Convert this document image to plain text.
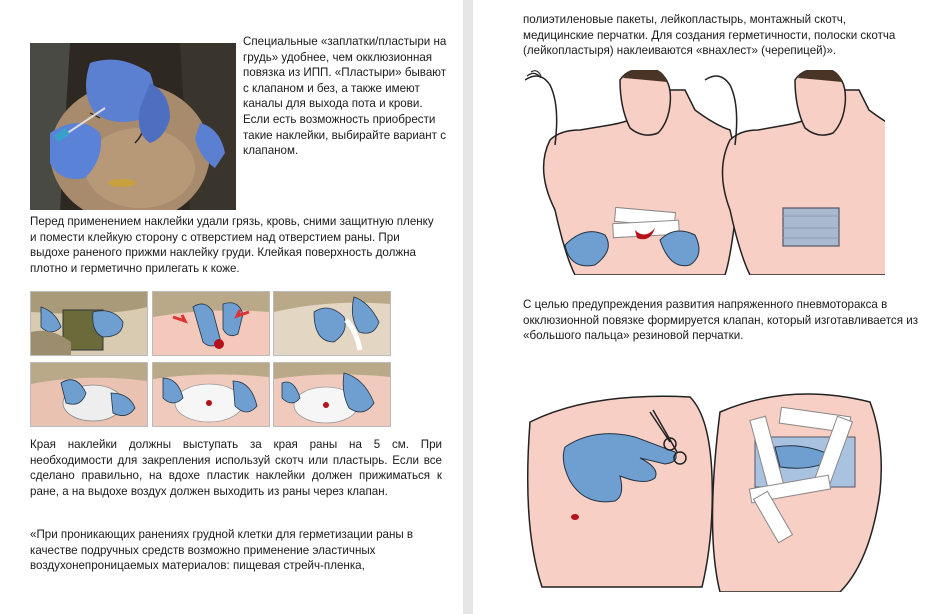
Специальные «заплатки/пластыри на грудь» удобнее, чем окклюзионная повязка из ИПП. «Пластыри» бывают с клапаном и без, а также имеют каналы для выхода пота и крови. Если есть возможность приобрести такие наклейки, выбирайте вариант с клапаном.

Перед применением наклейки удали грязь, кровь, сними защитную пленку и помести клейкую сторону с отверстием над отверстием раны. При выдохе раненого прижми наклейку груди. Клейкая поверхность должна плотно и герметично прилегать к коже.

Края наклейки должны выступать за края раны на 5 см. При необходимости для закрепления используй скотч или пластырь. Если все сделано правильно, на вдохе пластик наклейки должен прижиматься к ране, а на выдохе воздух должен выходить из раны через клапан.

«При проникающих ранениях грудной клетки для герметизации раны в качестве подручных средств возможно применение эластичных воздухонепроницаемых материалов: пищевая стрейч-пленка,

полиэтиленовые пакеты, лейкопластырь, монтажный скотч, медицинские перчатки. Для создания герметичности, полоски скотча (лейкопластыря) наклеиваются «внахлест» (черепицей)».

С целью предупреждения развития напряженного пневмоторакса в окклюзионной повязке формируется клапан, который изготавливается из «большого пальца» резиновой перчатки.
